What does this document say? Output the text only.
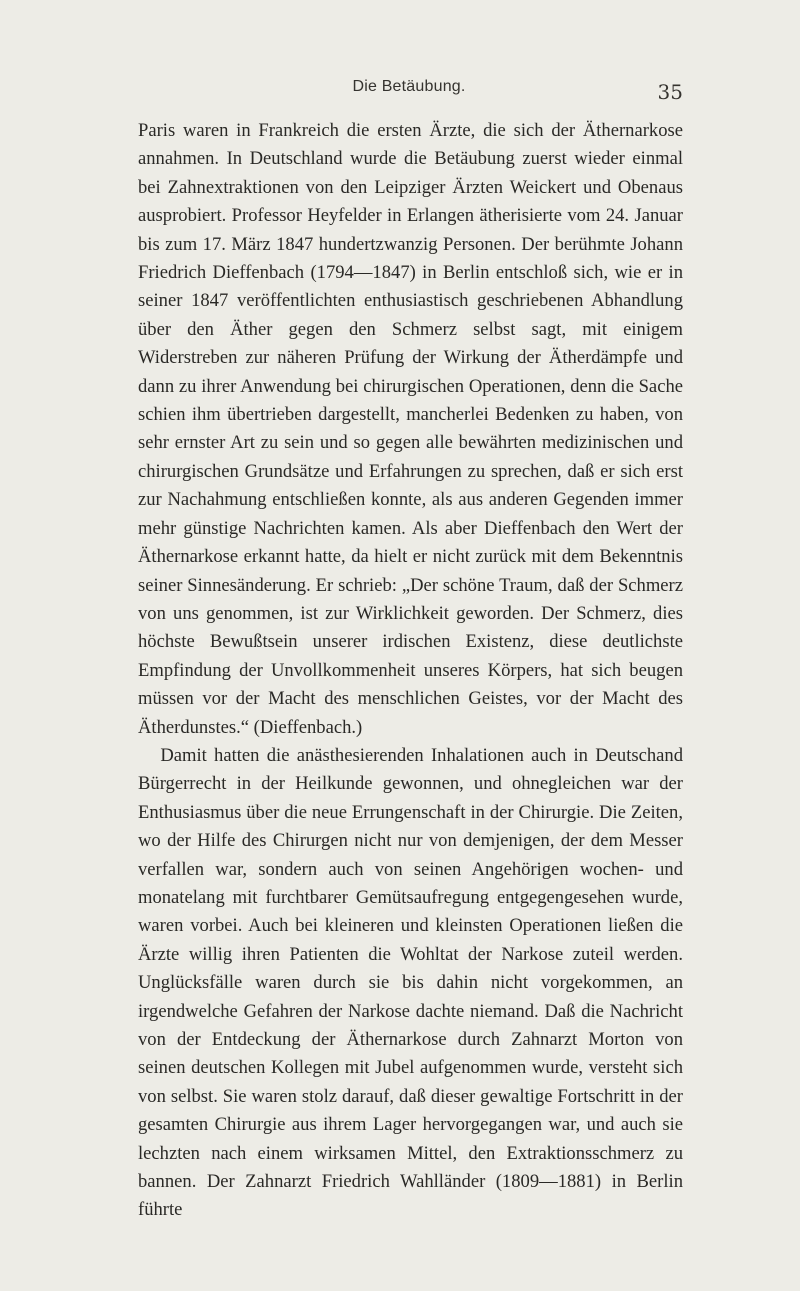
Die Betäubung.	35

Paris waren in Frankreich die ersten Ärzte, die sich der Äthernarkose annahmen. In Deutschland wurde die Betäubung zuerst wieder einmal bei Zahnextraktionen von den Leipziger Ärzten Weickert und Obenaus ausprobiert. Professor Heyfelder in Erlangen ätherisierte vom 24. Januar bis zum 17. März 1847 hundertzwanzig Personen. Der berühmte Johann Friedrich Dieffenbach (1794—1847) in Berlin entschloß sich, wie er in seiner 1847 veröffentlichten enthusiastisch geschriebenen Abhandlung über den Äther gegen den Schmerz selbst sagt, mit einigem Widerstreben zur näheren Prüfung der Wirkung der Ätherdämpfe und dann zu ihrer Anwendung bei chirurgischen Operationen, denn die Sache schien ihm übertrieben dargestellt, mancherlei Bedenken zu haben, von sehr ernster Art zu sein und so gegen alle bewährten medizinischen und chirurgischen Grundsätze und Erfahrungen zu sprechen, daß er sich erst zur Nachahmung entschließen konnte, als aus anderen Gegenden immer mehr günstige Nachrichten kamen. Als aber Dieffenbach den Wert der Äthernarkose erkannt hatte, da hielt er nicht zurück mit dem Bekenntnis seiner Sinnesänderung. Er schrieb: „Der schöne Traum, daß der Schmerz von uns genommen, ist zur Wirklichkeit geworden. Der Schmerz, dies höchste Bewußtsein unserer irdischen Existenz, diese deutlichste Empfindung der Unvollkommenheit unseres Körpers, hat sich beugen müssen vor der Macht des menschlichen Geistes, vor der Macht des Ätherdunstes.“ (Dieffenbach.)

Damit hatten die anästhesierenden Inhalationen auch in Deutschand Bürgerrecht in der Heilkunde gewonnen, und ohnegleichen war der Enthusiasmus über die neue Errungenschaft in der Chirurgie. Die Zeiten, wo der Hilfe des Chirurgen nicht nur von demjenigen, der dem Messer verfallen war, sondern auch von seinen Angehörigen wochen- und monatelang mit furchtbarer Gemütsaufregung entgegengesehen wurde, waren vorbei. Auch bei kleineren und kleinsten Operationen ließen die Ärzte willig ihren Patienten die Wohltat der Narkose zuteil werden. Unglücksfälle waren durch sie bis dahin nicht vorgekommen, an irgendwelche Gefahren der Narkose dachte niemand. Daß die Nachricht von der Entdeckung der Äthernarkose durch Zahnarzt Morton von seinen deutschen Kollegen mit Jubel aufgenommen wurde, versteht sich von selbst. Sie waren stolz darauf, daß dieser gewaltige Fortschritt in der gesamten Chirurgie aus ihrem Lager hervorgegangen war, und auch sie lechzten nach einem wirksamen Mittel, den Extraktionsschmerz zu bannen. Der Zahnarzt Friedrich Wahlländer (1809—1881) in Berlin führte
